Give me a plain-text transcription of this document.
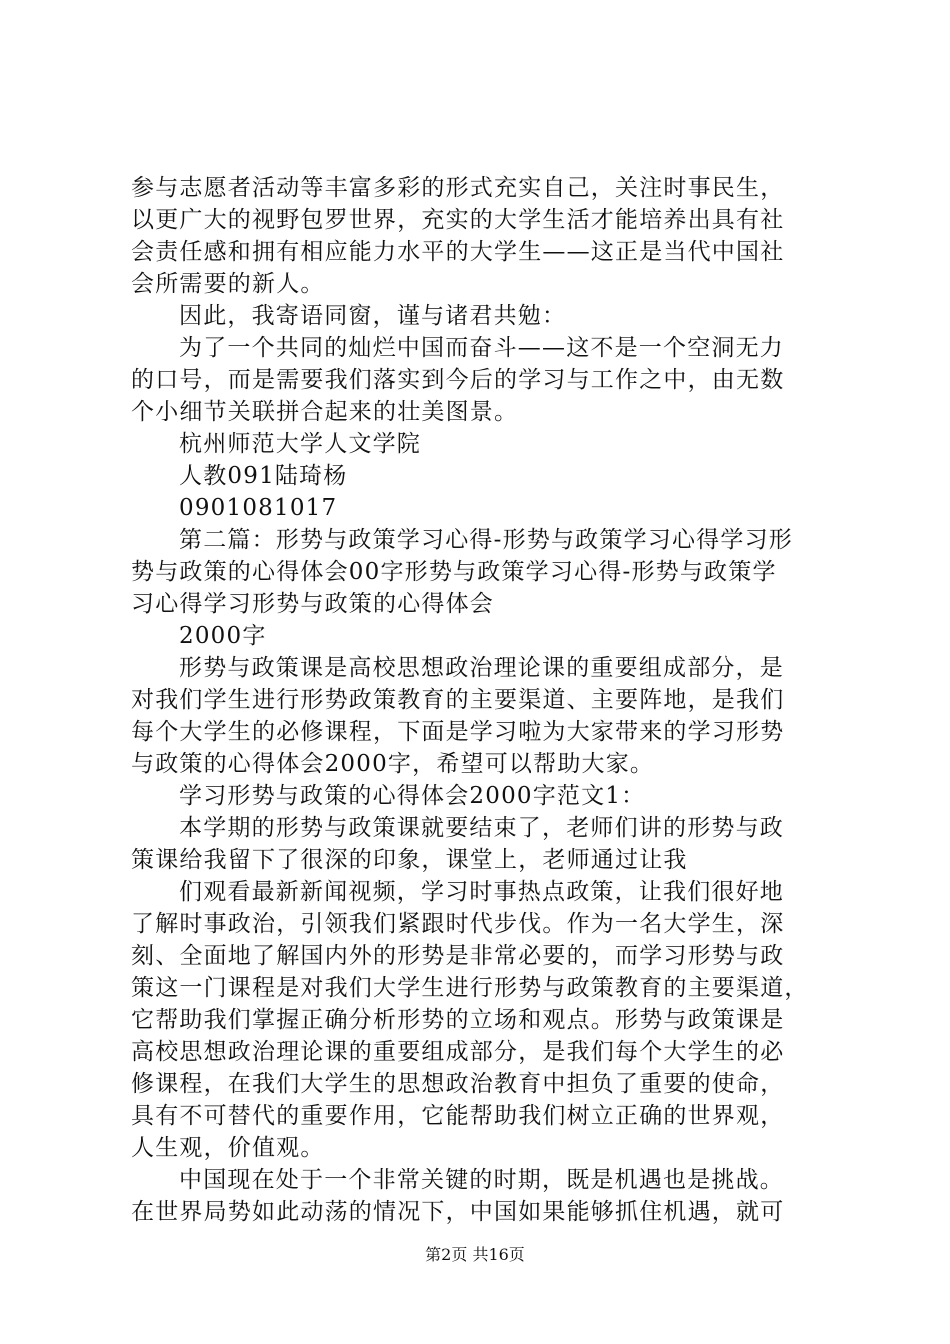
参与志愿者活动等丰富多彩的形式充实自己，关注时事民生，
以更广大的视野包罗世界，充实的大学生活才能培养出具有社
会责任感和拥有相应能力水平的大学生——这正是当代中国社
会所需要的新人。
因此，我寄语同窗，谨与诸君共勉：
为了一个共同的灿烂中国而奋斗——这不是一个空洞无力
的口号，而是需要我们落实到今后的学习与工作之中，由无数
个小细节关联拼合起来的壮美图景。
杭州师范大学人文学院
人教091陆琦杨
0901081017
第二篇：形势与政策学习心得-形势与政策学习心得学习形
势与政策的心得体会00字形势与政策学习心得-形势与政策学
习心得学习形势与政策的心得体会
2000字
形势与政策课是高校思想政治理论课的重要组成部分，是
对我们学生进行形势政策教育的主要渠道、主要阵地，是我们
每个大学生的必修课程，下面是学习啦为大家带来的学习形势
与政策的心得体会2000字，希望可以帮助大家。
学习形势与政策的心得体会2000字范文1：
本学期的形势与政策课就要结束了，老师们讲的形势与政
策课给我留下了很深的印象，课堂上，老师通过让我
们观看最新新闻视频，学习时事热点政策，让我们很好地
了解时事政治，引领我们紧跟时代步伐。作为一名大学生，深
刻、全面地了解国内外的形势是非常必要的，而学习形势与政
策这一门课程是对我们大学生进行形势与政策教育的主要渠道，
它帮助我们掌握正确分析形势的立场和观点。形势与政策课是
高校思想政治理论课的重要组成部分，是我们每个大学生的必
修课程，在我们大学生的思想政治教育中担负了重要的使命，
具有不可替代的重要作用，它能帮助我们树立正确的世界观，
人生观，价值观。
中国现在处于一个非常关键的时期，既是机遇也是挑战。
在世界局势如此动荡的情况下，中国如果能够抓住机遇，就可
第2页 共16页
